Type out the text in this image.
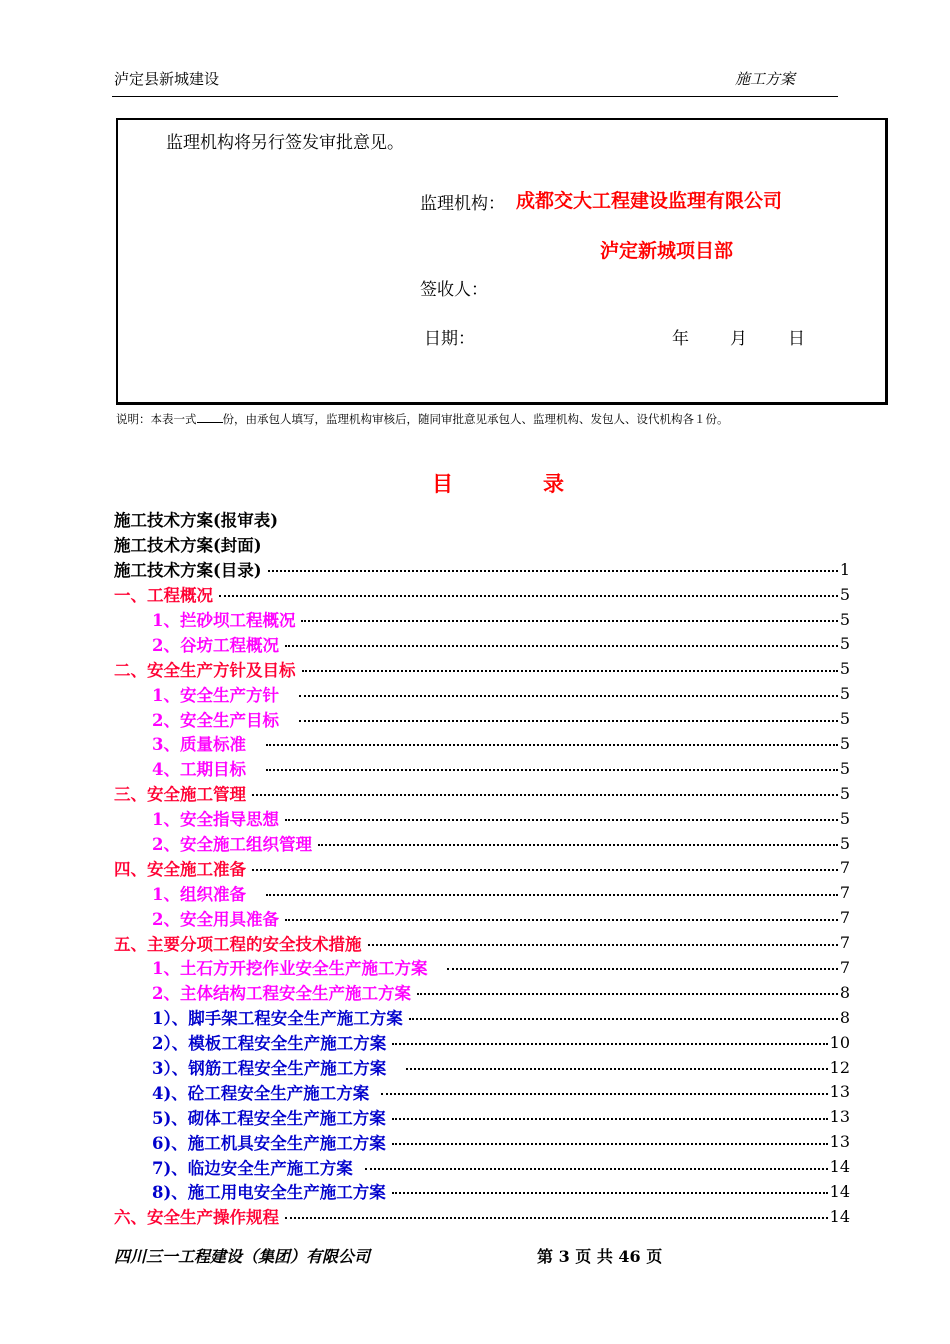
泸定县新城建设	施工方案
监理机构将另行签发审批意见。
监理机构： 成都交大工程建设监理有限公司
泸定新城项目部
签收人：
日期：	年 月 日
说明：本表一式 份，由承包人填写，监理机构审核后，随同审批意见承包人、监理机构、发包人、设代机构各１份。
目	录
施工技术方案(报审表)
施工技术方案(封面)
施工技术方案(目录)	1
一、工程概况	5
1、拦砂坝工程概况	5
2、谷坊工程概况	5
二、安全生产方针及目标	5
1、安全生产方针	5
2、安全生产目标	5
3、质量标准	5
4、工期目标	5
三、安全施工管理	5
1、安全指导思想	5
2、安全施工组织管理	5
四、安全施工准备	7
1、组织准备	7
2、安全用具准备	7
五、主要分项工程的安全技术措施	7
1、土石方开挖作业安全生产施工方案	7
2、主体结构工程安全生产施工方案	8
1）、脚手架工程安全生产施工方案	8
2）、模板工程安全生产施工方案	10
3）、钢筋工程安全生产施工方案	12
4)、砼工程安全生产施工方案	13
5)、砌体工程安全生产施工方案	13
6)、施工机具安全生产施工方案	13
7)、临边安全生产施工方案	14
8)、施工用电安全生产施工方案	14
六、安全生产操作规程	14
四川三一工程建设（集团）有限公司	第 3 页 共 46 页
